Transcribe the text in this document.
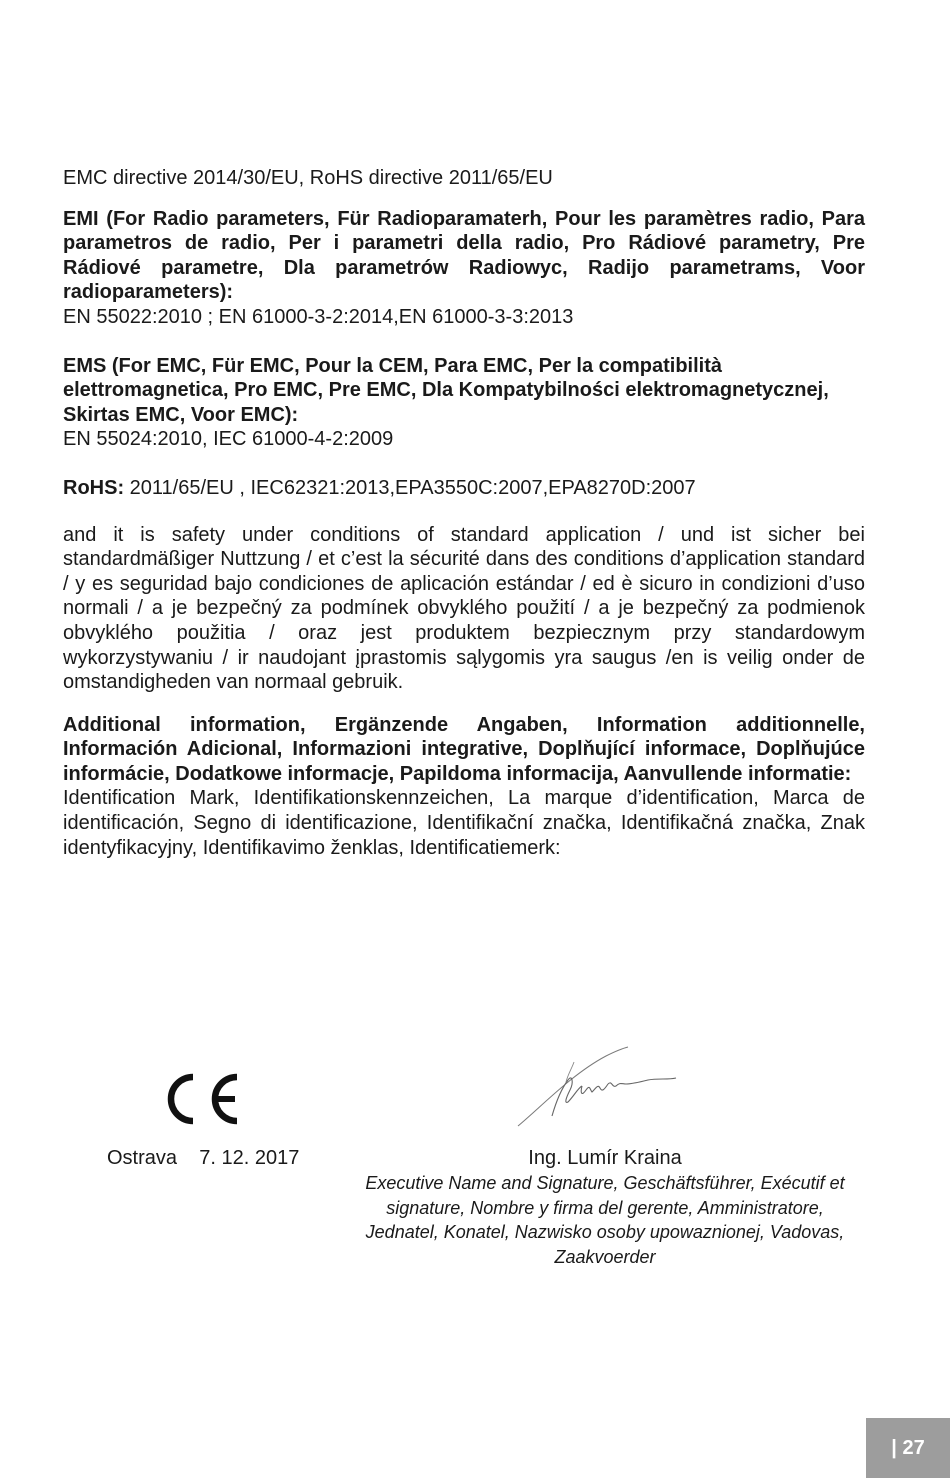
EMC directive 2014/30/EU, RoHS directive 2011/65/EU

EMI (For Radio parameters, Für Radioparamaterh, Pour les paramètres radio, Para parametros de radio, Per i parametri della radio, Pro Rádiové parametry, Pre Rádiové parametre, Dla parametrów Radiowyc, Radijo parametrams, Voor radioparameters):

EN 55022:2010 ; EN 61000-3-2:2014,EN 61000-3-3:2013

EMS (For EMC, Für EMC, Pour la CEM, Para EMC, Per la compatibilità elettromagnetica, Pro EMC, Pre EMC, Dla Kompatybilności elektromagnetycznej, Skirtas EMC, Voor EMC):

EN 55024:2010, IEC 61000-4-2:2009

RoHS: 2011/65/EU , IEC62321:2013,EPA3550C:2007,EPA8270D:2007

and it is safety under conditions of standard application / und ist sicher bei standardmäßiger Nuttzung / et c’est la sécurité dans des conditions d’application standard / y es seguridad bajo condiciones de aplicación estándar / ed è sicuro in condizioni d’uso normali / a je bezpečný za podmínek obvyklého použití / a je bezpečný za podmienok obvyklého použitia / oraz jest produktem bezpiecznym przy standardowym wykorzystywaniu / ir naudojant įprastomis sąlygomis yra saugus /en is veilig onder de omstandigheden van normaal gebruik.

Additional information, Ergänzende Angaben, Information additionnelle, Información Adicional, Informazioni integrative, Doplňující informace, Doplňujúce informácie, Dodatkowe informacje, Papildoma informacija, Aanvullende informatie:

Identification Mark, Identifikationskennzeichen, La marque d’identification, Marca de identificación, Segno di identificazione, Identifikační značka, Identifikačná značka, Znak identyfikacyjny, Identifikavimo ženklas, Identificatiemerk:

Ostrava    7. 12. 2017	Ing. Lumír Kraina
Executive Name and Signature, Geschäftsführer, Exécutif et signature, Nombre y firma del gerente, Amministratore, Jednatel, Konatel, Nazwisko osoby upowaznionej, Vadovas, Zaakvoerder
| 27
